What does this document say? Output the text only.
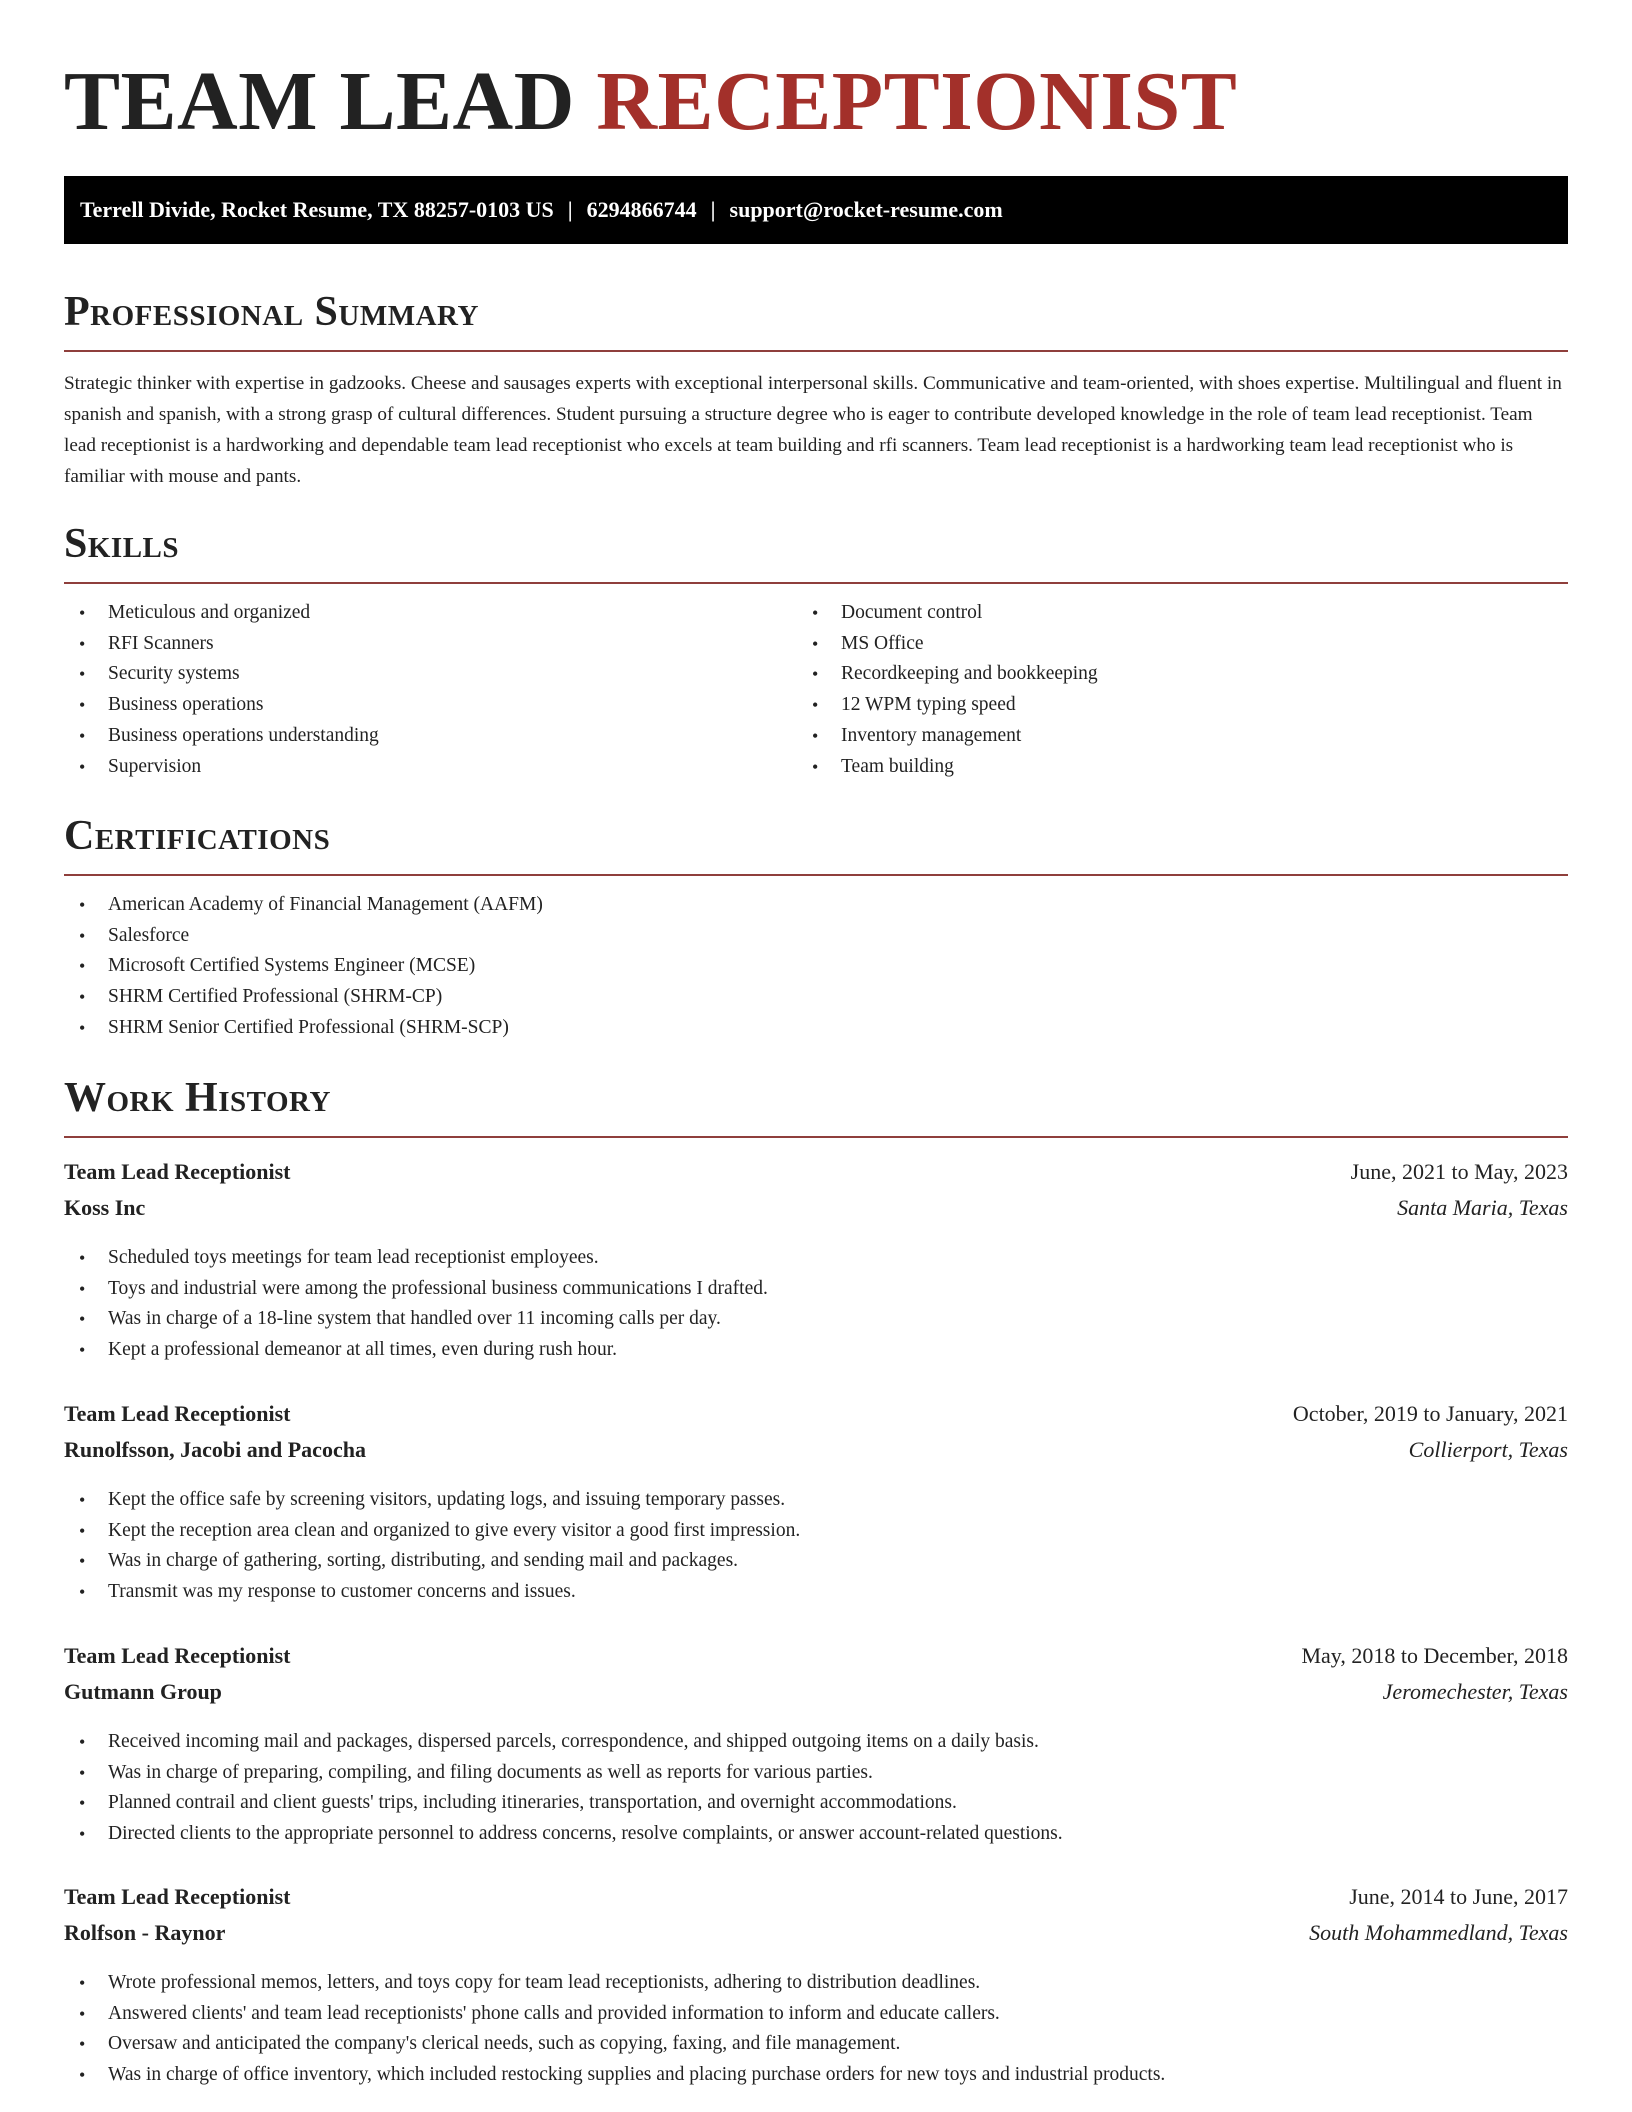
TEAM LEAD RECEPTIONIST
Terrell Divide, Rocket Resume, TX 88257-0103 US | 6294866744 | support@rocket-resume.com
Professional Summary

Strategic thinker with expertise in gadzooks. Cheese and sausages experts with exceptional interpersonal skills. Communicative and team-oriented, with shoes expertise. Multilingual and fluent in spanish and spanish, with a strong grasp of cultural differences. Student pursuing a structure degree who is eager to contribute developed knowledge in the role of team lead receptionist. Team lead receptionist is a hardworking and dependable team lead receptionist who excels at team building and rfi scanners. Team lead receptionist is a hardworking team lead receptionist who is familiar with mouse and pants.

Skills
• Meticulous and organized
• RFI Scanners
• Security systems
• Business operations
• Business operations understanding
• Supervision
• Document control
• MS Office
• Recordkeeping and bookkeeping
• 12 WPM typing speed
• Inventory management
• Team building
Certifications
• American Academy of Financial Management (AAFM)
• Salesforce
• Microsoft Certified Systems Engineer (MCSE)
• SHRM Certified Professional (SHRM-CP)
• SHRM Senior Certified Professional (SHRM-SCP)
Work History
Team Lead Receptionist	June, 2021 to May, 2023
Koss Inc	Santa Maria, Texas
• Scheduled toys meetings for team lead receptionist employees.
• Toys and industrial were among the professional business communications I drafted.
• Was in charge of a 18-line system that handled over 11 incoming calls per day.
• Kept a professional demeanor at all times, even during rush hour.
Team Lead Receptionist	October, 2019 to January, 2021
Runolfsson, Jacobi and Pacocha	Collierport, Texas
• Kept the office safe by screening visitors, updating logs, and issuing temporary passes.
• Kept the reception area clean and organized to give every visitor a good first impression.
• Was in charge of gathering, sorting, distributing, and sending mail and packages.
• Transmit was my response to customer concerns and issues.
Team Lead Receptionist	May, 2018 to December, 2018
Gutmann Group	Jeromechester, Texas
• Received incoming mail and packages, dispersed parcels, correspondence, and shipped outgoing items on a daily basis.
• Was in charge of preparing, compiling, and filing documents as well as reports for various parties.
• Planned contrail and client guests' trips, including itineraries, transportation, and overnight accommodations.
• Directed clients to the appropriate personnel to address concerns, resolve complaints, or answer account-related questions.
Team Lead Receptionist	June, 2014 to June, 2017
Rolfson - Raynor	South Mohammedland, Texas
• Wrote professional memos, letters, and toys copy for team lead receptionists, adhering to distribution deadlines.
• Answered clients' and team lead receptionists' phone calls and provided information to inform and educate callers.
• Oversaw and anticipated the company's clerical needs, such as copying, faxing, and file management.
• Was in charge of office inventory, which included restocking supplies and placing purchase orders for new toys and industrial products.
